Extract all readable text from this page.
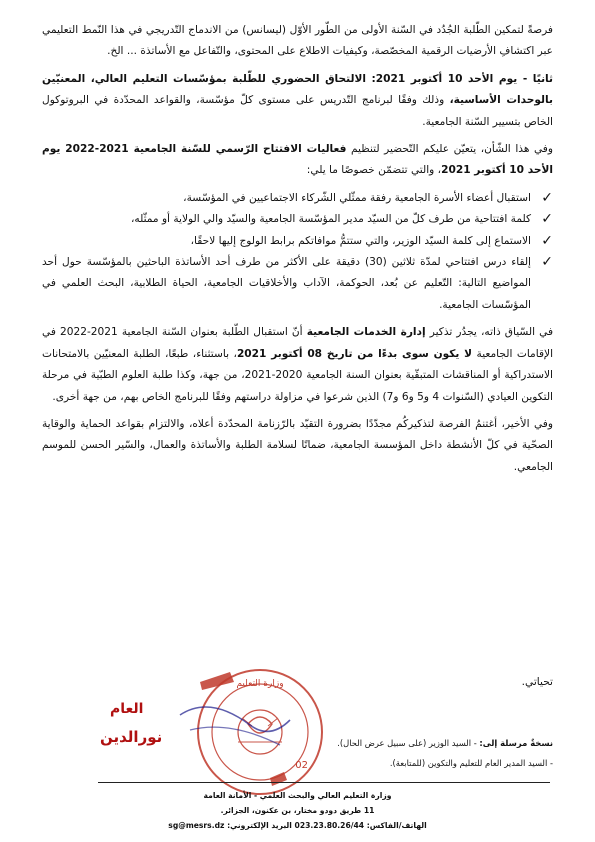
فرصةً لتمكين الطّلبة الجُدُد في السّنة الأولى من الطّور الأوّل (ليسانس) من الاندماج التّدريجي في هذا النّمط التعليمي عبر اكتشافِ الأرضيات الرقمية المخصّصة، وكيفيات الاطلاع على المحتوى، والتّفاعل مع الأساتذة ... الخ.

ثانيًا - يوم الأحد 10 أكتوبر 2021: الالتحاق الحضوري للطّلبة بمؤسّسات التعليم العالي، المعنيّين بالوحدات الأساسية، وذلك وفقًا لبرنامج التّدريس على مستوى كلّ مؤسّسة، والقواعد المحدّدة في البروتوكول الخاص بتسيير السّنة الجامعية.

وفي هذا الشّأن، يتعيّن عليكم التّحضير لتنظيم فعاليات الافتتاح الرّسمي للسّنة الجامعية 2021-2022 يوم الأحد 10 أكتوبر 2021، والتي تتضمّن خصوصًا ما يلي:

✓
استقبال أعضاء الأسرة الجامعية رفقة ممثّلي الشّركاء الاجتماعيين في المؤسّسة،
✓
كلمة افتتاحية من طرف كلّ من السيّد مدير المؤسّسة الجامعية والسيّد والي الولاية أو ممثّله،
✓
الاستماع إلى كلمة السيّد الوزير، والتي ستتمُّ موافاتكم برابط الولوج إليها لاحقًا،
✓
إلقاء درس افتتاحي لمدّة ثلاثين (30) دقيقة على الأكثر من طرف أحد الأساتذة الباحثين بالمؤسّسة حول أحد المواضيع التالية: التّعليم عن بُعد، الحوكمة، الآداب والأخلاقيات الجامعية، الحياة الطلابية، البحث العلمي في المؤسّسات الجامعية.

في السّياق ذاته، يجدُر تذكير إدارة الخدمات الجامعية أنّ استقبال الطّلبة بعنوان السّنة الجامعية 2021-2022 في الإقامات الجامعية لا يكون سوى بدءًا من تاريخ 08 أكتوبر 2021، باستثناء، طبعًا، الطلبة المعنيّين بالامتحانات الاستدراكية أو المناقشات المتبقّية بعنوان السنة الجامعية 2020-2021، من جهة، وكذا طلبة العلوم الطبّية في مرحلة التكوين العيادي (السّنوات 4 و5 و6 و7) الذين شرعوا في مزاولة دراستهم وفقًا للبرنامج الخاص بهم، من جهة أخرى.

وفي الأخير، أغتنمُ الفرصة لتذكيركُم مجدّدًا بضرورة التقيّد بالرّزنامة المحدّدة أعلاه، والالتزام بقواعد الحماية والوقاية الصحّية في كلّ الأنشطة داخل المؤسسة الجامعية، ضمانًا لسلامة الطلبة والأساتذة والعمال، والسّير الحسن للموسم الجامعي.

تحياتي.
02
وزارة التعليم
العام
نورالدين	نسخةٌ مرسلة إلى: - السيد الوزير (على سبيل عرض الحال).
- السيد المدير العام للتعليم والتكوين (للمتابعة).
وزارة التعليم العالي والبحث العلمي - الأمانة العامة
11 طريق دودو مختار، بن عكنون، الجزائر.
الهاتف/الفاكس: 023.23.80.26/44 البريد الإلكتروني: sg@mesrs.dz
